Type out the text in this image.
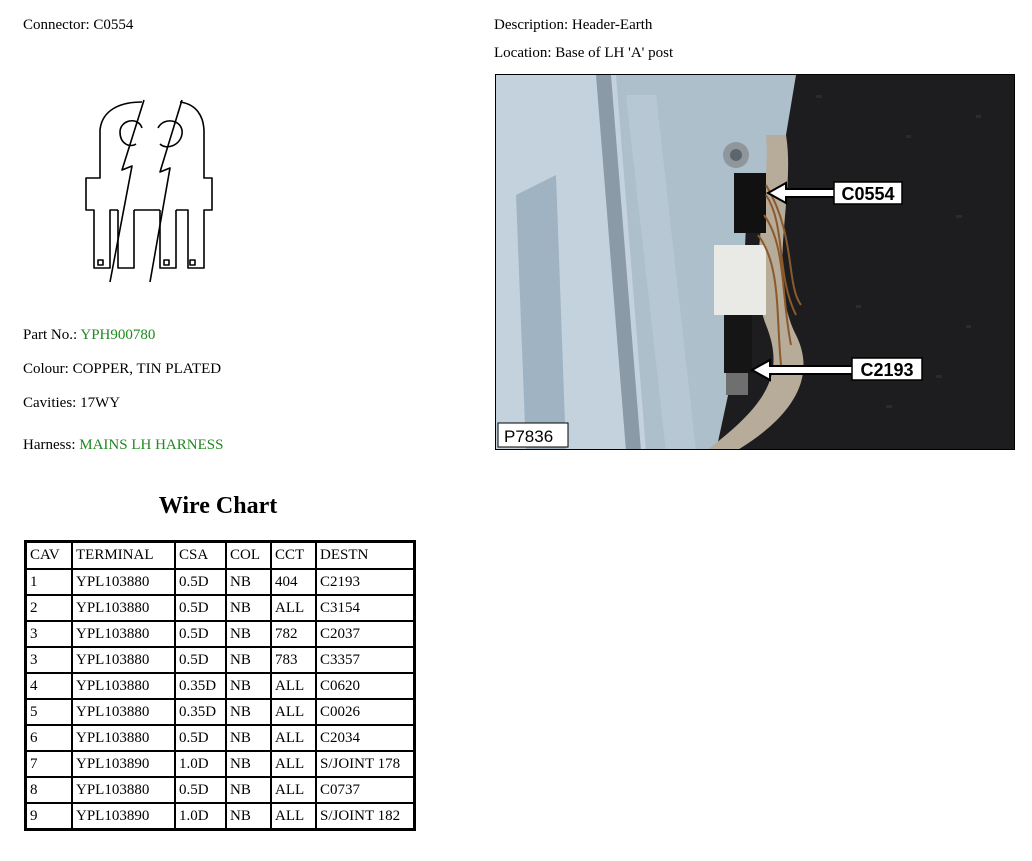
Connector: C0554	Description: Header-Earth
Location: Base of LH 'A' post
Part No.: YPH900780
Colour: COPPER, TIN PLATED
Cavities: 17WY
Harness: MAINS LH HARNESS
C0554
C2193
P7836
Wire Chart
CAV	TERMINAL	CSA	COL	CCT	DESTN
1	YPL103880	0.5D	NB	404	C2193
2	YPL103880	0.5D	NB	ALL	C3154
3	YPL103880	0.5D	NB	782	C2037
3	YPL103880	0.5D	NB	783	C3357
4	YPL103880	0.35D	NB	ALL	C0620
5	YPL103880	0.35D	NB	ALL	C0026
6	YPL103880	0.5D	NB	ALL	C2034
7	YPL103890	1.0D	NB	ALL	S/JOINT 178
8	YPL103880	0.5D	NB	ALL	C0737
9	YPL103890	1.0D	NB	ALL	S/JOINT 182
